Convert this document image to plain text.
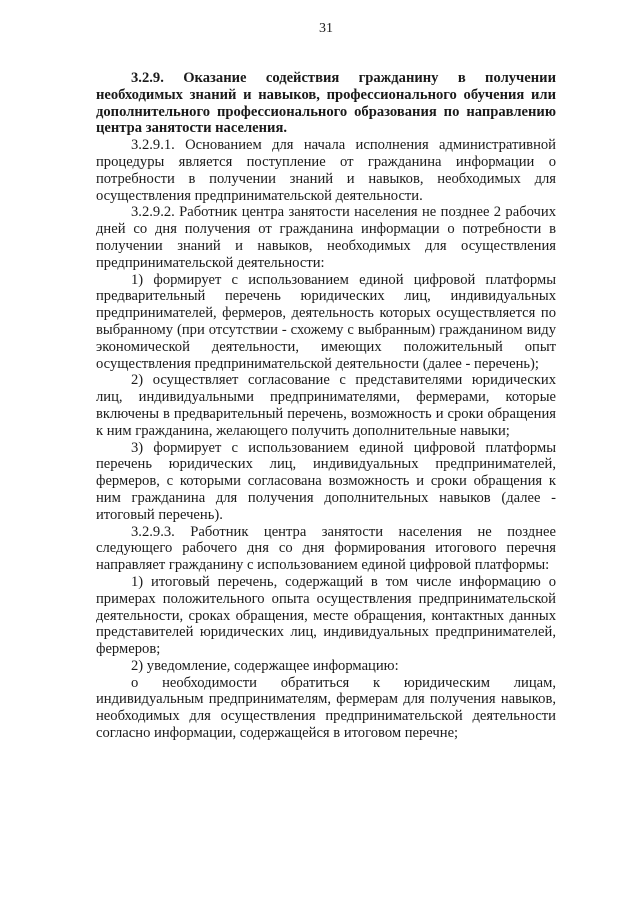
31

3.2.9. Оказание содействия гражданину в получении необходимых знаний и навыков, профессионального обучения или дополнительного профессионального образования по направлению центра занятости населения.

3.2.9.1. Основанием для начала исполнения административной процедуры является поступление от гражданина информации о потребности в получении знаний и навыков, необходимых для осуществления предпринимательской деятельности.

3.2.9.2. Работник центра занятости населения не позднее 2 рабочих дней со дня получения от гражданина информации о потребности в получении знаний и навыков, необходимых для осуществления предпринимательской деятельности:

1) формирует с использованием единой цифровой платформы предварительный перечень юридических лиц, индивидуальных предпринимателей, фермеров, деятельность которых осуществляется по выбранному (при отсутствии - схожему с выбранным) гражданином виду экономической деятельности, имеющих положительный опыт осуществления предпринимательской деятельности (далее - перечень);

2) осуществляет согласование с представителями юридических лиц, индивидуальными предпринимателями, фермерами, которые включены в предварительный перечень, возможность и сроки обращения к ним гражданина, желающего получить дополнительные навыки;

3) формирует с использованием единой цифровой платформы перечень юридических лиц, индивидуальных предпринимателей, фермеров, с которыми согласована возможность и сроки обращения к ним гражданина для получения дополнительных навыков (далее - итоговый перечень).

3.2.9.3. Работник центра занятости населения не позднее следующего рабочего дня со дня формирования итогового перечня направляет гражданину с использованием единой цифровой платформы:

1) итоговый перечень, содержащий в том числе информацию о примерах положительного опыта осуществления предпринимательской деятельности, сроках обращения, месте обращения, контактных данных представителей юридических лиц, индивидуальных предпринимателей, фермеров;

2) уведомление, содержащее информацию:

о необходимости обратиться к юридическим лицам, индивидуальным предпринимателям, фермерам для получения навыков, необходимых для осуществления предпринимательской деятельности согласно информации, содержащейся в итоговом перечне;
